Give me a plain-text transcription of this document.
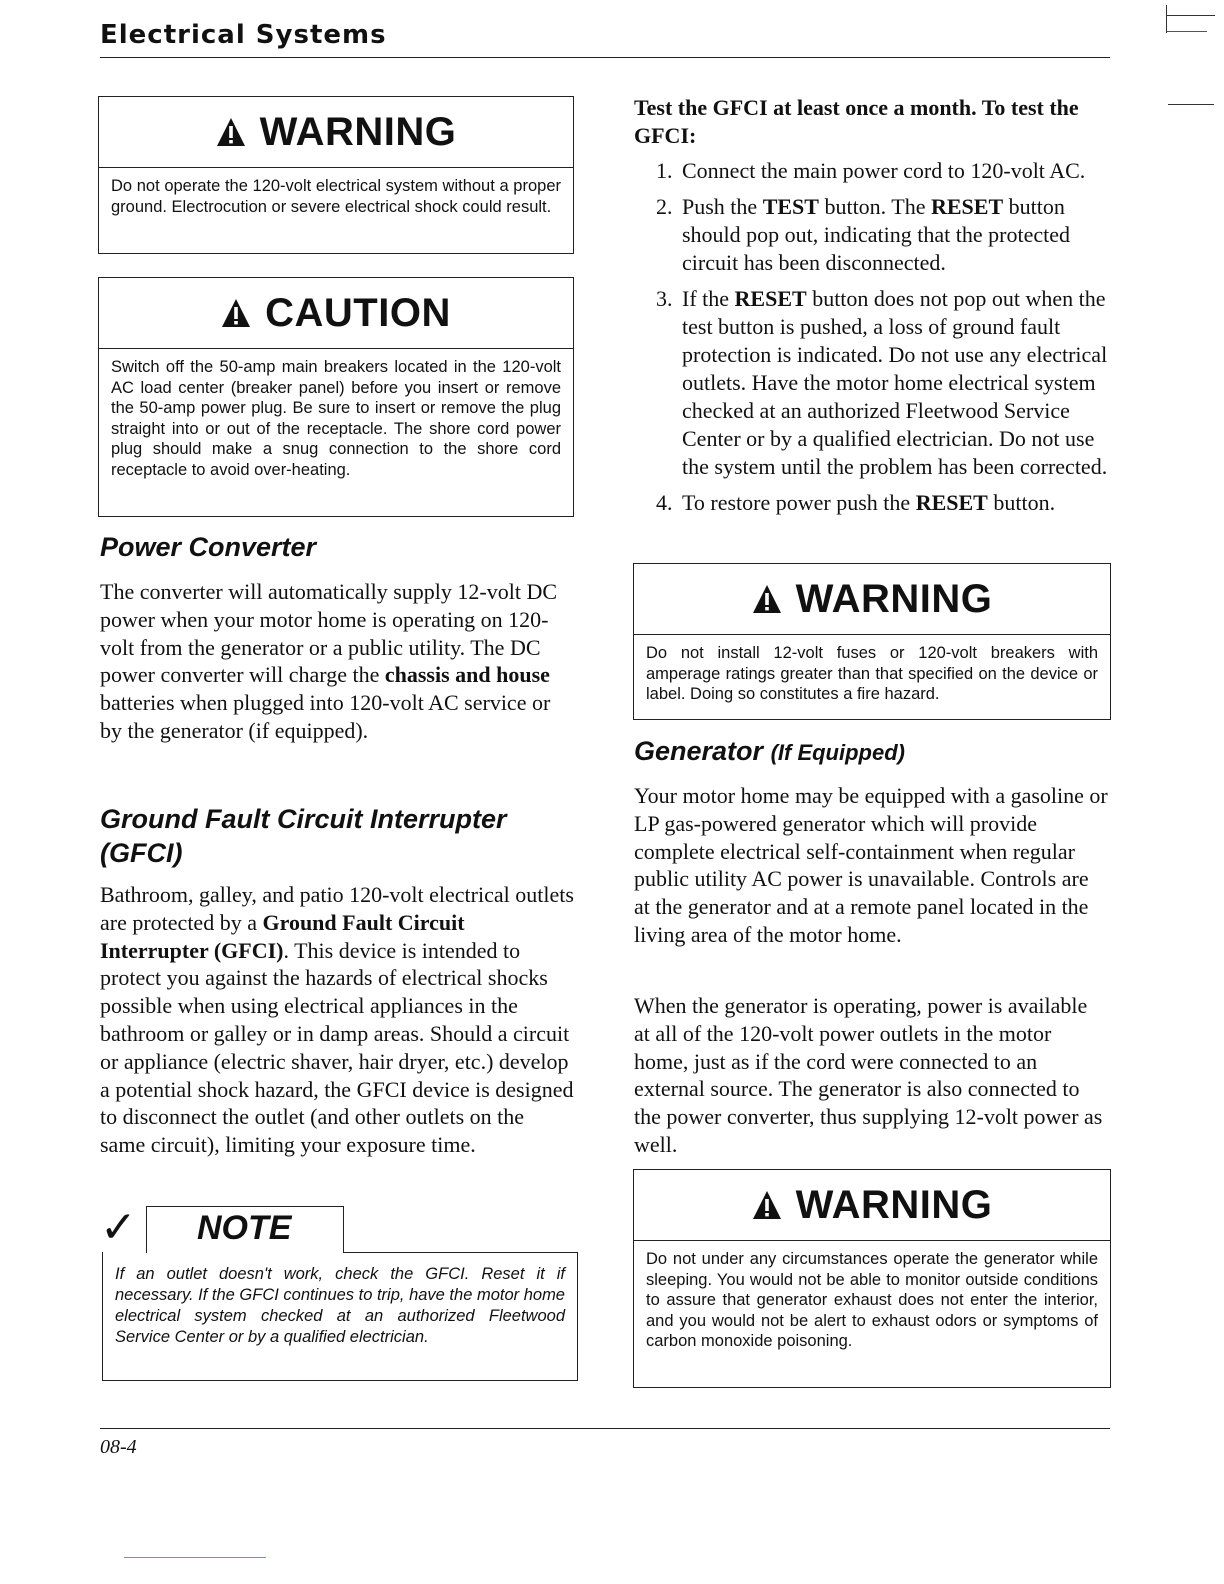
Electrical Systems
WARNING
Do not operate the 120-volt electrical system without a proper ground. Electrocution or severe electrical shock could result.
CAUTION
Switch off the 50-amp main breakers located in the 120-volt AC load center (breaker panel) before you insert or remove the 50-amp power plug. Be sure to insert or remove the plug straight into or out of the receptacle. The shore cord power plug should make a snug connection to the shore cord receptacle to avoid over-heating.
Power Converter

The converter will automatically supply 12-volt DC power when your motor home is operating on 120-volt from the generator or a public utility. The DC power converter will charge the chassis and house batteries when plugged into 120-volt AC service or by the generator (if equipped).

Ground Fault Circuit Interrupter (GFCI)

Bathroom, galley, and patio 120-volt electrical outlets are protected by a Ground Fault Circuit Interrupter (GFCI). This device is intended to protect you against the hazards of electrical shocks possible when using electrical appliances in the bathroom or galley or in damp areas. Should a circuit or appliance (electric shaver, hair dryer, etc.) develop a potential shock hazard, the GFCI device is designed to disconnect the outlet (and other outlets on the same circuit), limiting your exposure time.

✓ NOTE

If an outlet doesn't work, check the GFCI. Reset it if necessary. If the GFCI continues to trip, have the motor home electrical system checked at an authorized Fleetwood Service Center or by a qualified electrician.

Test the GFCI at least once a month. To test the GFCI:

1. Connect the main power cord to 120-volt AC.
2. Push the TEST button. The RESET button should pop out, indicating that the protected circuit has been disconnected.
3. If the RESET button does not pop out when the test button is pushed, a loss of ground fault protection is indicated. Do not use any electrical outlets. Have the motor home electrical system checked at an authorized Fleetwood Service Center or by a qualified electrician. Do not use the system until the problem has been corrected.
4. To restore power push the RESET button.
WARNING
Do not install 12-volt fuses or 120-volt breakers with amperage ratings greater than that specified on the device or label. Doing so constitutes a fire hazard.
Generator (If Equipped)

Your motor home may be equipped with a gasoline or LP gas-powered generator which will provide complete electrical self-containment when regular public utility AC power is unavailable. Controls are at the generator and at a remote panel located in the living area of the motor home.

When the generator is operating, power is available at all of the 120-volt power outlets in the motor home, just as if the cord were connected to an external source. The generator is also connected to the power converter, thus supplying 12-volt power as well.

WARNING
Do not under any circumstances operate the generator while sleeping. You would not be able to monitor outside conditions to assure that generator exhaust does not enter the interior, and you would not be alert to exhaust odors or symptoms of carbon monoxide poisoning.
08-4
